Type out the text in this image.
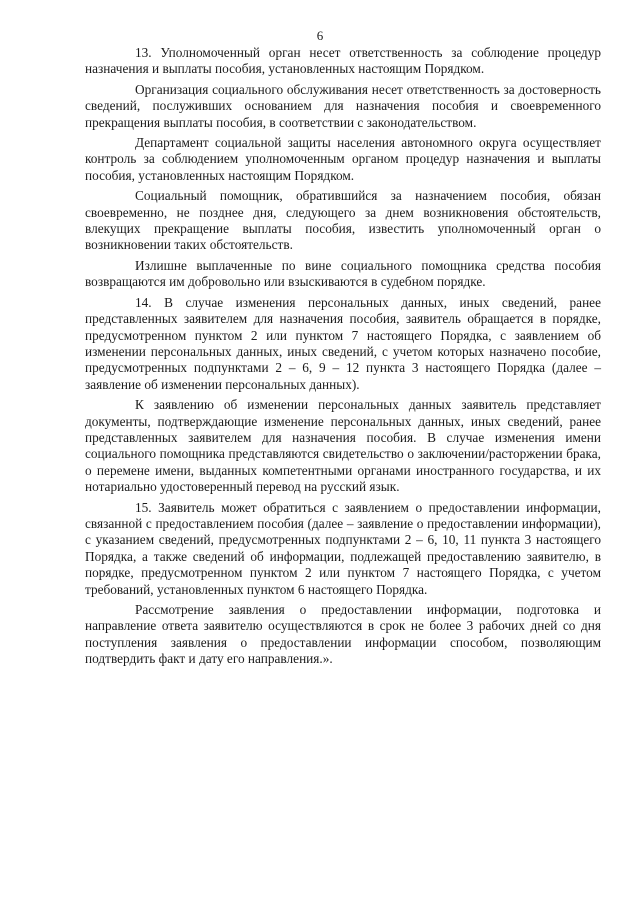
6

13. Уполномоченный орган несет ответственность за соблюдение процедур назначения и выплаты пособия, установленных настоящим Порядком.

Организация социального обслуживания несет ответственность за достоверность сведений, послуживших основанием для назначения пособия и своевременного прекращения выплаты пособия, в соответствии с законодательством.

Департамент социальной защиты населения автономного округа осуществляет контроль за соблюдением уполномоченным органом процедур назначения и выплаты пособия, установленных настоящим Порядком.

Социальный помощник, обратившийся за назначением пособия, обязан своевременно, не позднее дня, следующего за днем возникновения обстоятельств, влекущих прекращение выплаты пособия, известить уполномоченный орган о возникновении таких обстоятельств.

Излишне выплаченные по вине социального помощника средства пособия возвращаются им добровольно или взыскиваются в судебном порядке.

14. В случае изменения персональных данных, иных сведений, ранее представленных заявителем для назначения пособия, заявитель обращается в порядке, предусмотренном пунктом 2 или пунктом 7 настоящего Порядка, с заявлением об изменении персональных данных, иных сведений, с учетом которых назначено пособие, предусмотренных подпунктами 2 – 6, 9 – 12 пункта 3 настоящего Порядка (далее – заявление об изменении персональных данных).

К заявлению об изменении персональных данных заявитель представляет документы, подтверждающие изменение персональных данных, иных сведений, ранее представленных заявителем для назначения пособия. В случае изменения имени социального помощника представляются свидетельство о заключении/расторжении брака, о перемене имени, выданных компетентными органами иностранного государства, и их нотариально удостоверенный перевод на русский язык.

15. Заявитель может обратиться с заявлением о предоставлении информации, связанной с предоставлением пособия (далее – заявление о предоставлении информации), с указанием сведений, предусмотренных подпунктами 2 – 6, 10, 11 пункта 3 настоящего Порядка, а также сведений об информации, подлежащей предоставлению заявителю, в порядке, предусмотренном пунктом 2 или пунктом 7 настоящего Порядка, с учетом требований, установленных пунктом 6 настоящего Порядка.

Рассмотрение заявления о предоставлении информации, подготовка и направление ответа заявителю осуществляются в срок не более 3 рабочих дней со дня поступления заявления о предоставлении информации способом, позволяющим подтвердить факт и дату его направления.».
